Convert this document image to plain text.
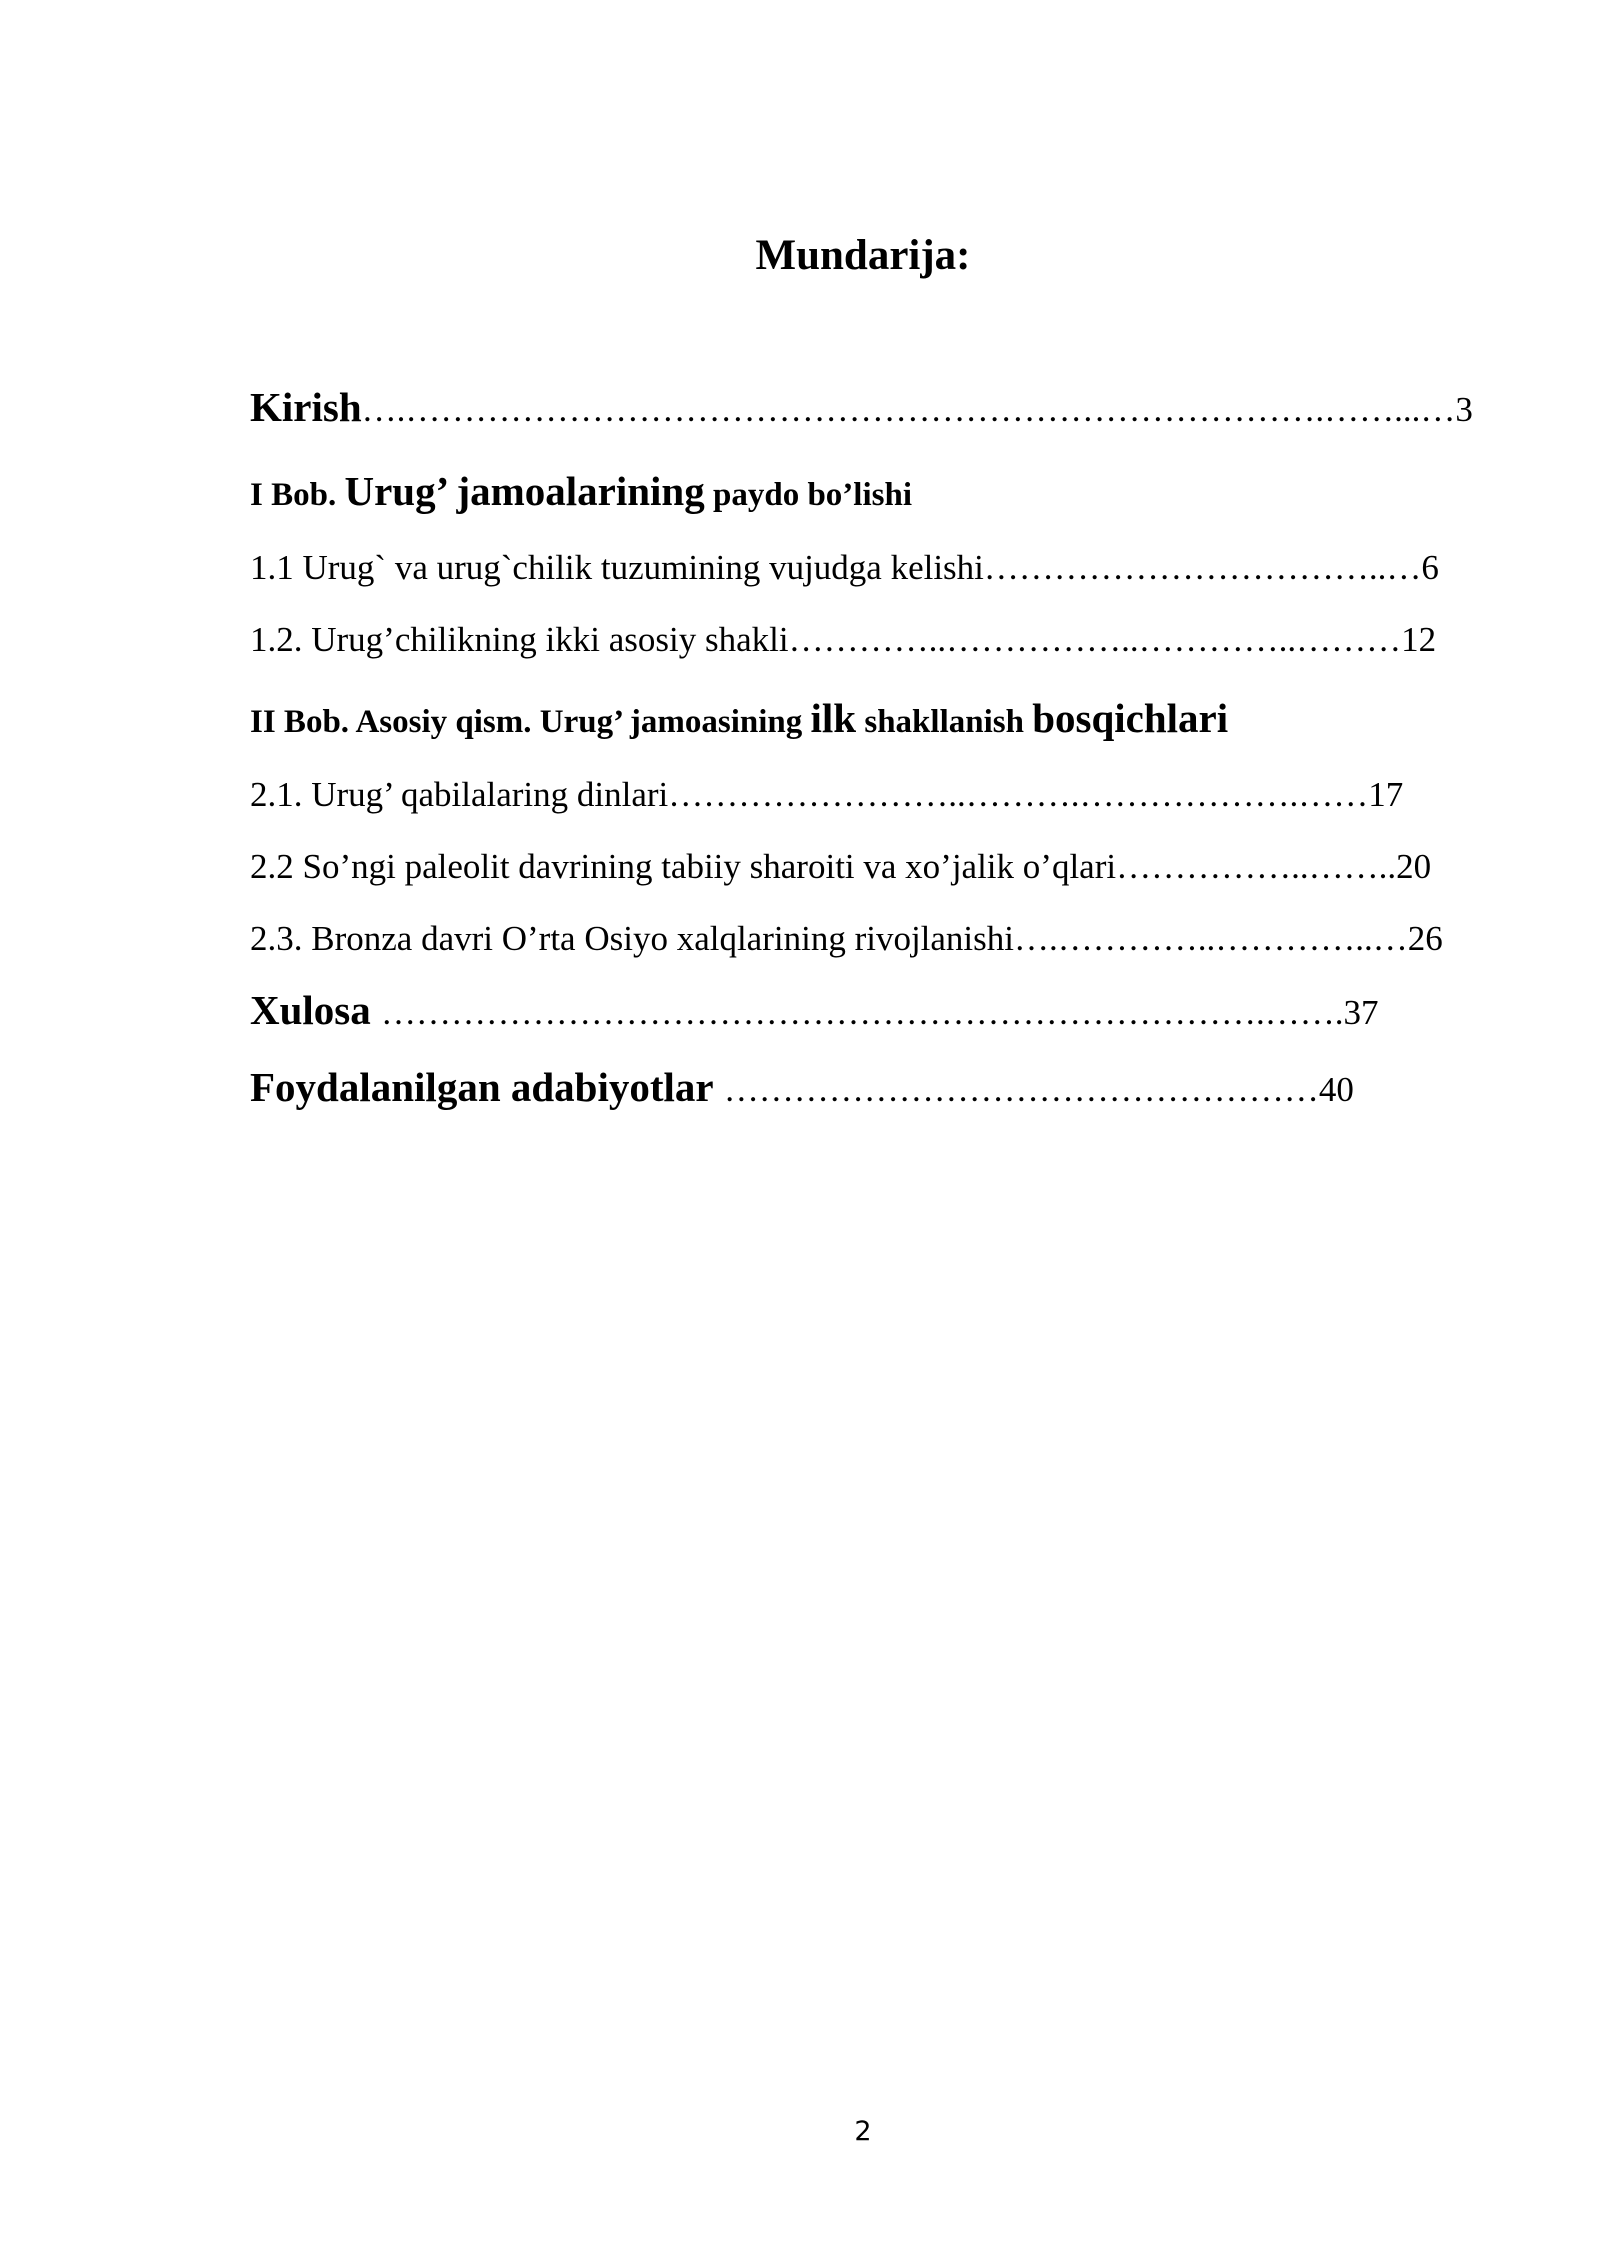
Mundarija:

Kirish….…………………………………………………………………….……...…3

I Bob. Urug’ jamoalarining paydo bo’lishi

1.1 Urug` va urug`chilik tuzumining vujudga kelishi……………………………..…6

1.2. Urug’chilikning ikki asosiy shakli…………..……………..…………..………12

II Bob. Asosiy qism. Urug’ jamoasining ilk shakllanish bosqichlari

2.1. Urug’ qabilalaring dinlari……………………..……….……………….……17

2.2 So’ngi paleolit davrining tabiiy sharoiti va xo’jalik o’qlari……………..……..20

2.3. Bronza davri O’rta Osiyo xalqlarining rivojlanishi….…………..…………..…26

Xulosa ………………………………………………………………….…….37

Foydalanilgan adabiyotlar ……………………………………………40

2
